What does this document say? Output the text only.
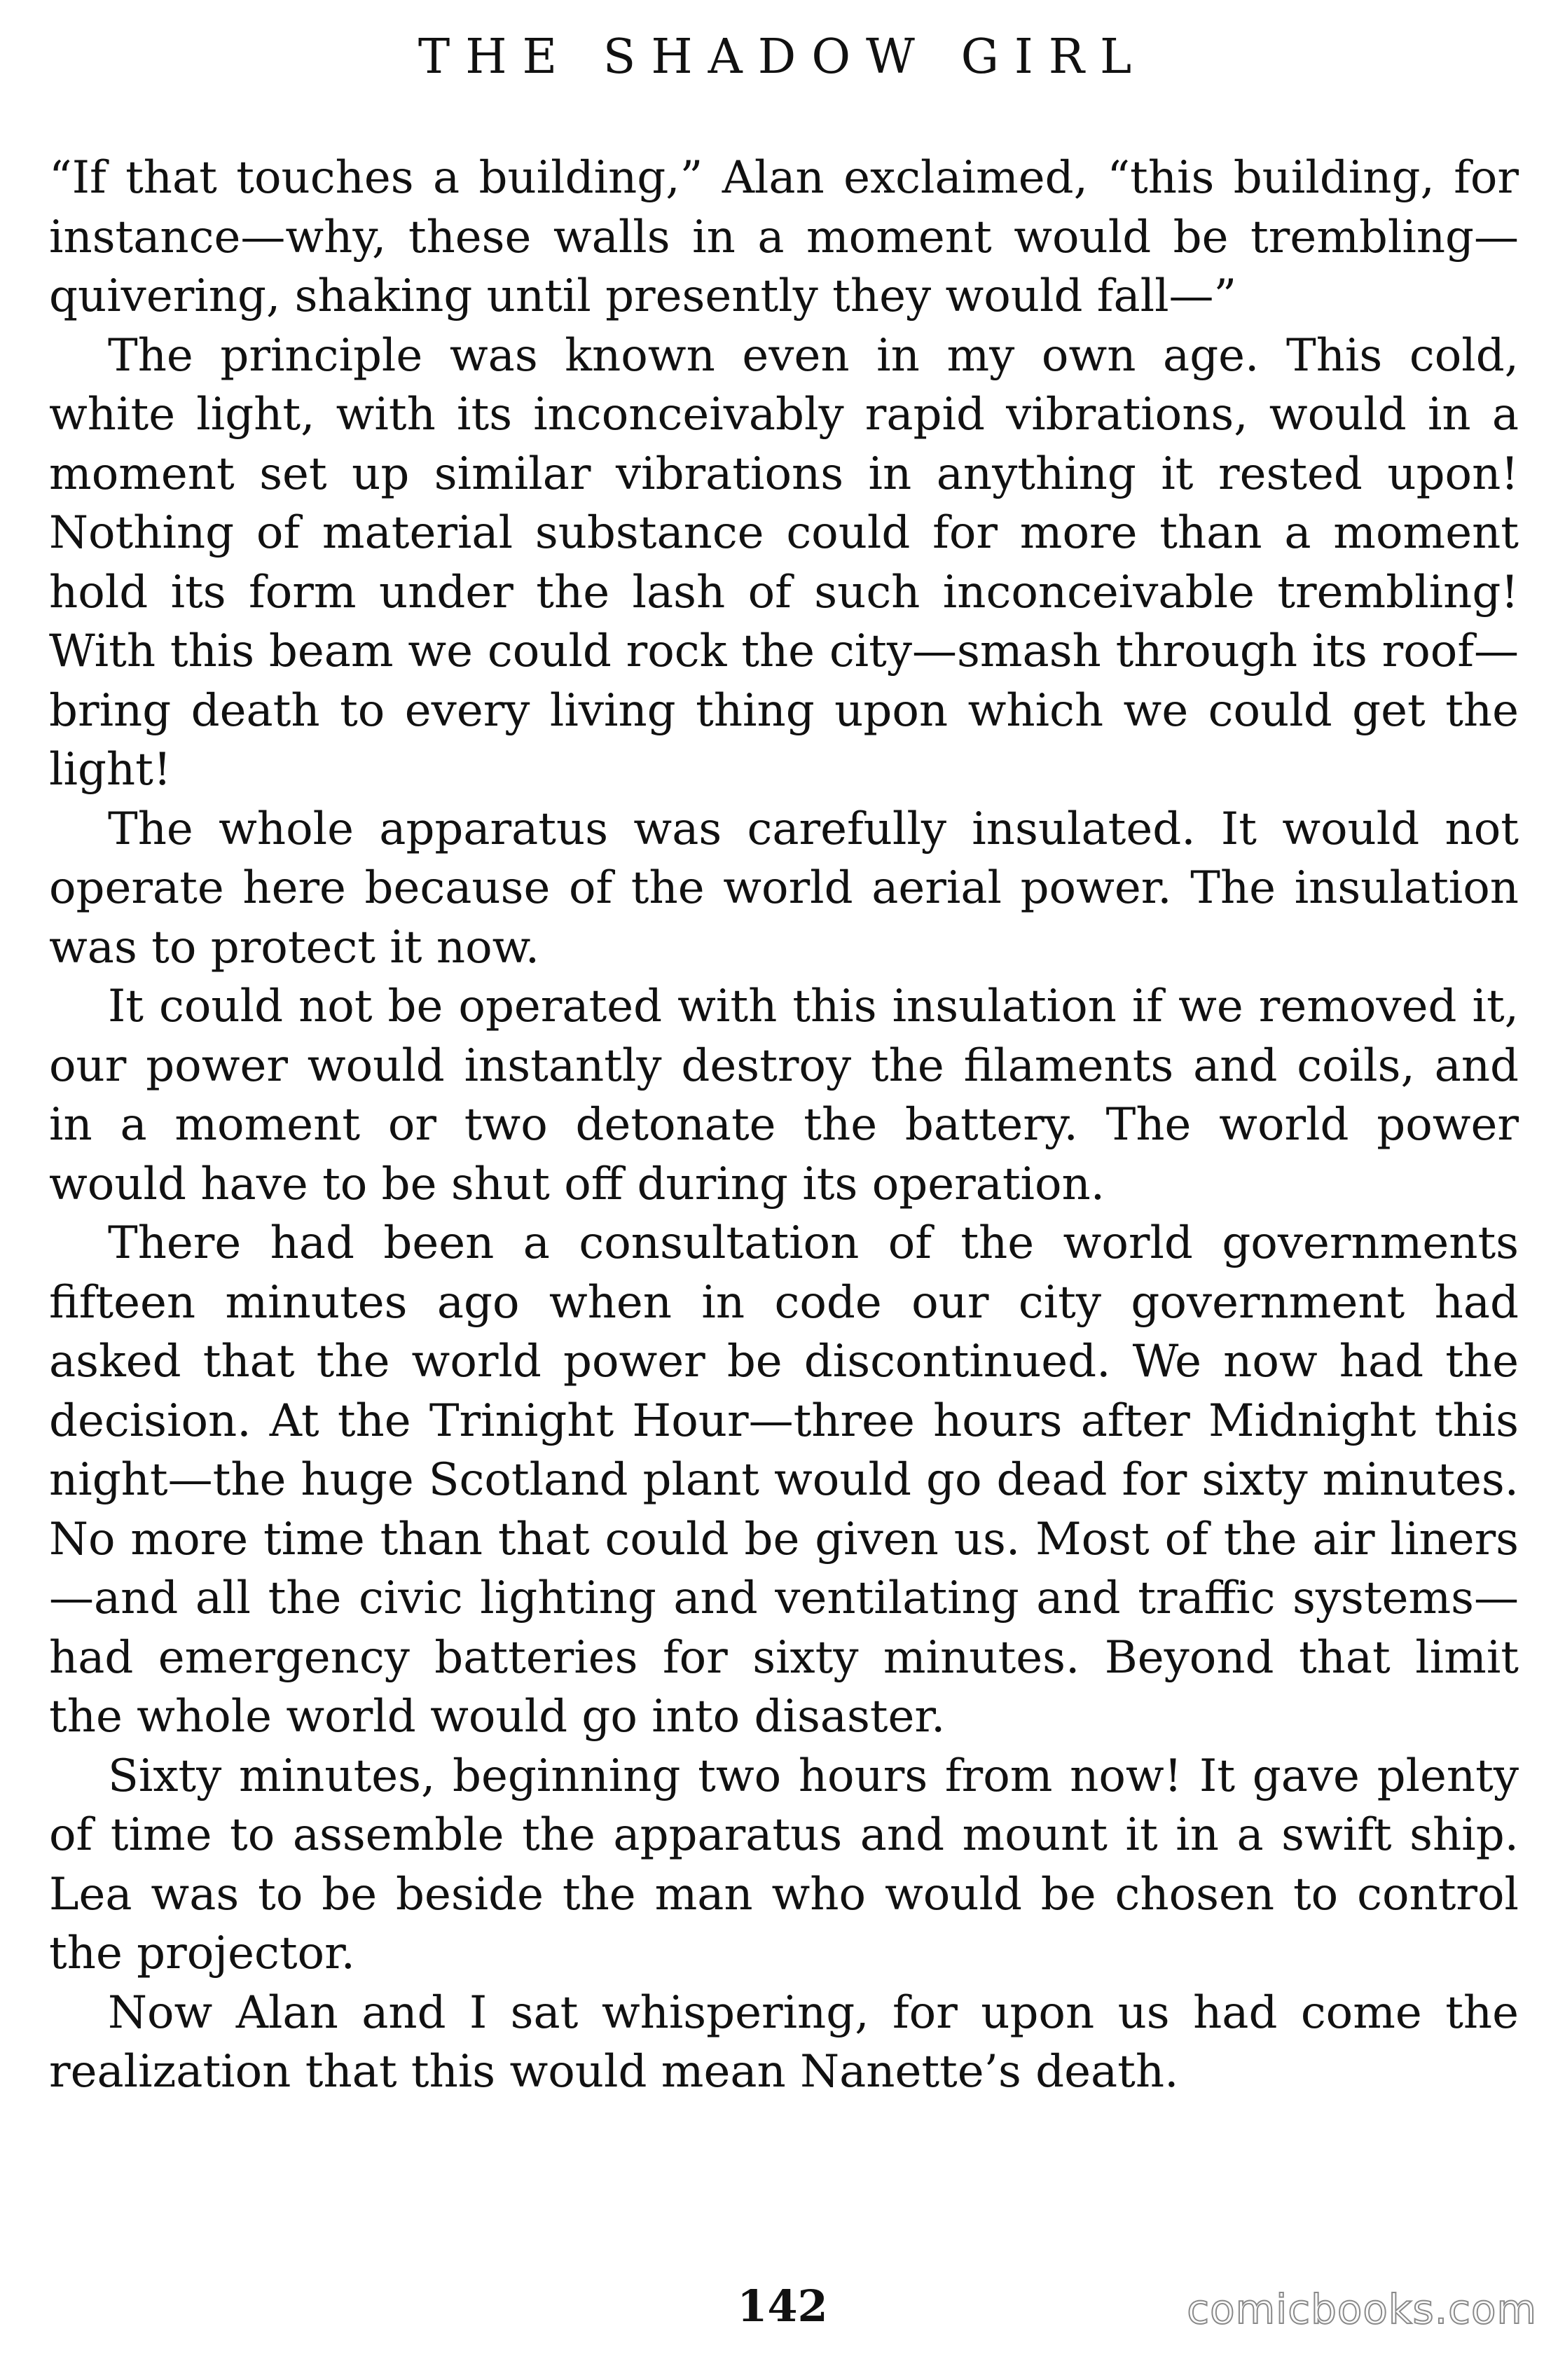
THE SHADOW GIRL

“If that touches a building,” Alan exclaimed, “this building, for instance—why, these walls in a moment would be trembling—quivering, shaking until presently they would fall—”

The principle was known even in my own age. This cold, white light, with its inconceivably rapid vibrations, would in a moment set up similar vibrations in anything it rested upon! Nothing of material substance could for more than a moment hold its form under the lash of such inconceivable trembling! With this beam we could rock the city—smash through its roof—bring death to every living thing upon which we could get the light!

The whole apparatus was carefully insulated. It would not operate here because of the world aerial power. The insulation was to protect it now.

It could not be operated with this insulation if we removed it, our power would instantly destroy the filaments and coils, and in a moment or two detonate the battery. The world power would have to be shut off during its operation.

There had been a consultation of the world governments fifteen minutes ago when in code our city government had asked that the world power be discontinued. We now had the decision. At the Trinight Hour—three hours after Midnight this night—the huge Scotland plant would go dead for sixty minutes. No more time than that could be given us. Most of the air liners—and all the civic lighting and ventilating and traffic systems—had emergency batteries for sixty minutes. Beyond that limit the whole world would go into disaster.

Sixty minutes, beginning two hours from now! It gave plenty of time to assemble the apparatus and mount it in a swift ship. Lea was to be beside the man who would be chosen to control the projector.

Now Alan and I sat whispering, for upon us had come the realization that this would mean Nanette’s death.

142	comicbooks.com
